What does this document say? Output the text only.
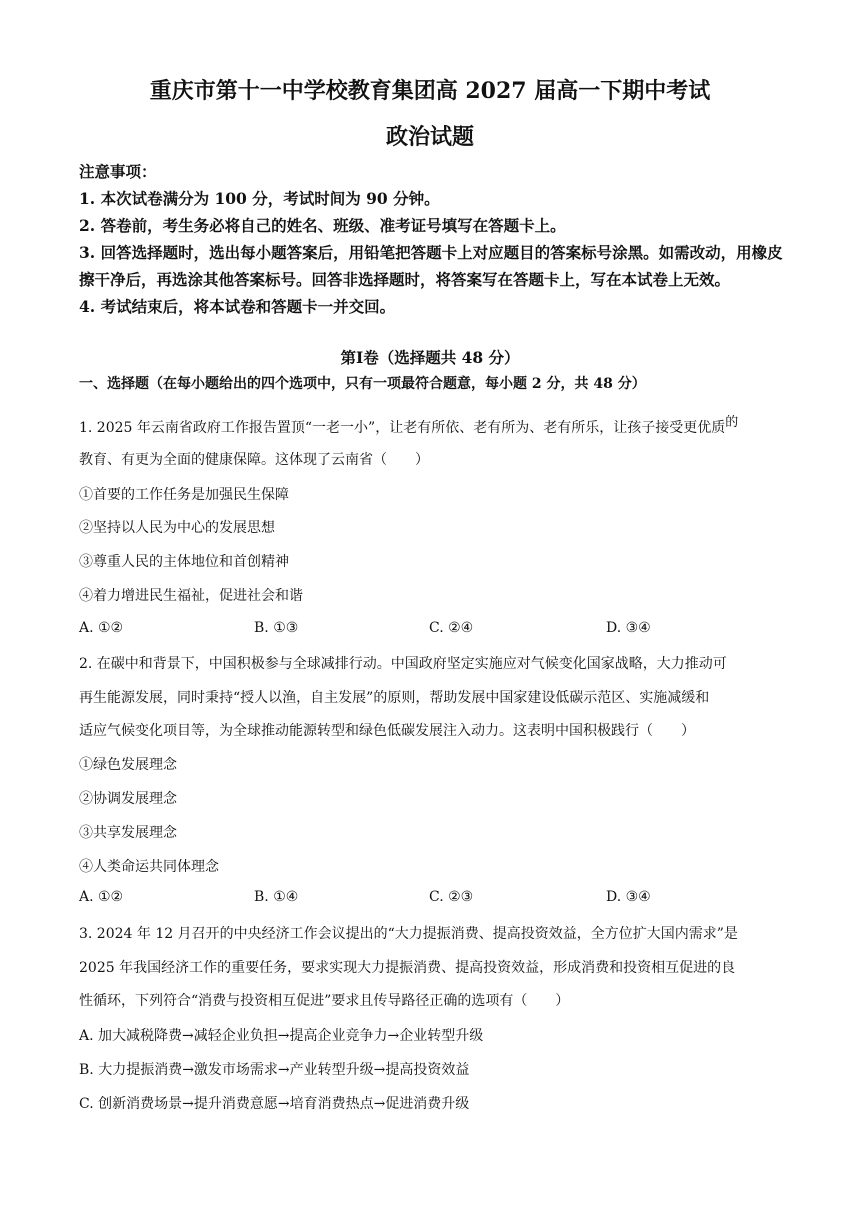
重庆市第十一中学校教育集团高 2027 届高一下期中考试
政治试题
注意事项：
1. 本次试卷满分为 100 分，考试时间为 90 分钟。
2. 答卷前，考生务必将自己的姓名、班级、准考证号填写在答题卡上。
3. 回答选择题时，选出每小题答案后，用铅笔把答题卡上对应题目的答案标号涂黑。如需改动，用橡皮擦干净后，再选涂其他答案标号。回答非选择题时，将答案写在答题卡上，写在本试卷上无效。
4. 考试结束后，将本试卷和答题卡一并交回。
第Ⅰ卷（选择题共 48 分）
一、选择题（在每小题给出的四个选项中，只有一项最符合题意，每小题 2 分，共 48 分）
1. 2025 年云南省政府工作报告置顶“一老一小”，让老有所依、老有所为、老有所乐，让孩子接受更优质的
教育、有更为全面的健康保障。这体现了云南省（　　）
①首要的工作任务是加强民生保障
②坚持以人民为中心的发展思想
③尊重人民的主体地位和首创精神
④着力增进民生福祉，促进社会和谐
A. ①②	B. ①③	C. ②④	D. ③④
2. 在碳中和背景下，中国积极参与全球减排行动。中国政府坚定实施应对气候变化国家战略，大力推动可
再生能源发展，同时秉持“授人以渔，自主发展”的原则，帮助发展中国家建设低碳示范区、实施减缓和
适应气候变化项目等，为全球推动能源转型和绿色低碳发展注入动力。这表明中国积极践行（　　）
①绿色发展理念
②协调发展理念
③共享发展理念
④人类命运共同体理念
A. ①②	B. ①④	C. ②③	D. ③④
3. 2024 年 12 月召开的中央经济工作会议提出的“大力提振消费、提高投资效益，全方位扩大国内需求”是
2025 年我国经济工作的重要任务，要求实现大力提振消费、提高投资效益，形成消费和投资相互促进的良
性循环，下列符合“消费与投资相互促进”要求且传导路径正确的选项有（　　）
A. 加大减税降费→减轻企业负担→提高企业竞争力→企业转型升级
B. 大力提振消费→激发市场需求→产业转型升级→提高投资效益
C. 创新消费场景→提升消费意愿→培育消费热点→促进消费升级
